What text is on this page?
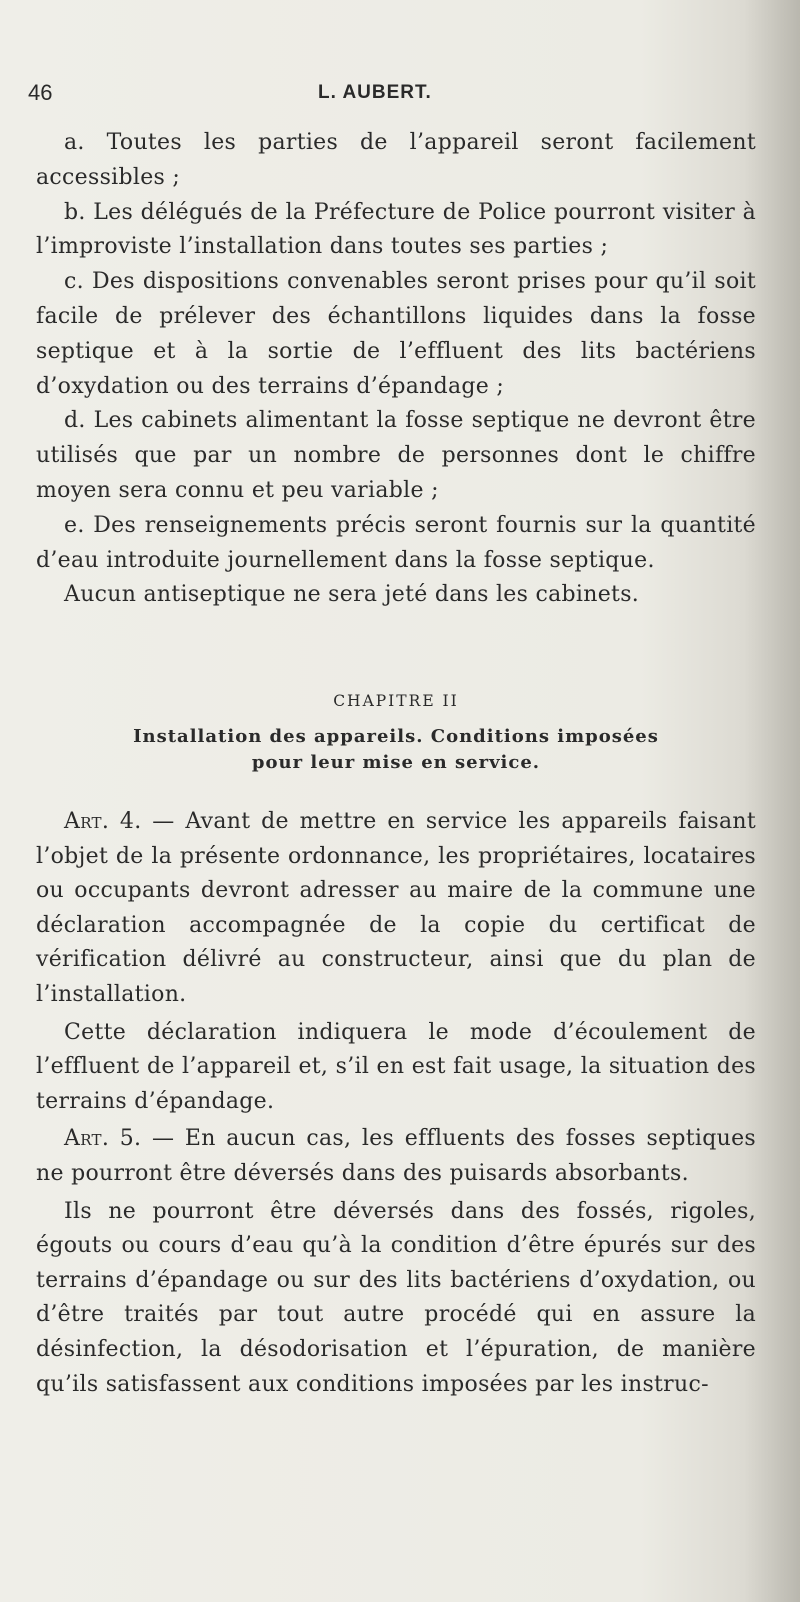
46	L. AUBERT.

a. Toutes les parties de l’appareil seront facilement accessibles ;

b. Les délégués de la Préfecture de Police pourront visiter à l’improviste l’installation dans toutes ses parties ;

c. Des dispositions convenables seront prises pour qu’il soit facile de prélever des échantillons liquides dans la fosse septique et à la sortie de l’effluent des lits bactériens d’oxydation ou des terrains d’épandage ;

d. Les cabinets alimentant la fosse septique ne devront être utilisés que par un nombre de personnes dont le chiffre moyen sera connu et peu variable ;

e. Des renseignements précis seront fournis sur la quantité d’eau introduite journellement dans la fosse septique.

Aucun antiseptique ne sera jeté dans les cabinets.

CHAPITRE II
Installation des appareils. Conditions imposées
pour leur mise en service.

Art. 4. — Avant de mettre en service les appareils faisant l’objet de la présente ordonnance, les propriétaires, locataires ou occupants devront adresser au maire de la commune une déclaration accompagnée de la copie du certificat de vérification délivré au constructeur, ainsi que du plan de l’installation.

Cette déclaration indiquera le mode d’écoulement de l’effluent de l’appareil et, s’il en est fait usage, la situation des terrains d’épandage.

Art. 5. — En aucun cas, les effluents des fosses septiques ne pourront être déversés dans des puisards absorbants.

Ils ne pourront être déversés dans des fossés, rigoles, égouts ou cours d’eau qu’à la condition d’être épurés sur des terrains d’épandage ou sur des lits bactériens d’oxydation, ou d’être traités par tout autre procédé qui en assure la désinfection, la désodorisation et l’épuration, de manière qu’ils satisfassent aux conditions imposées par les instruc-
